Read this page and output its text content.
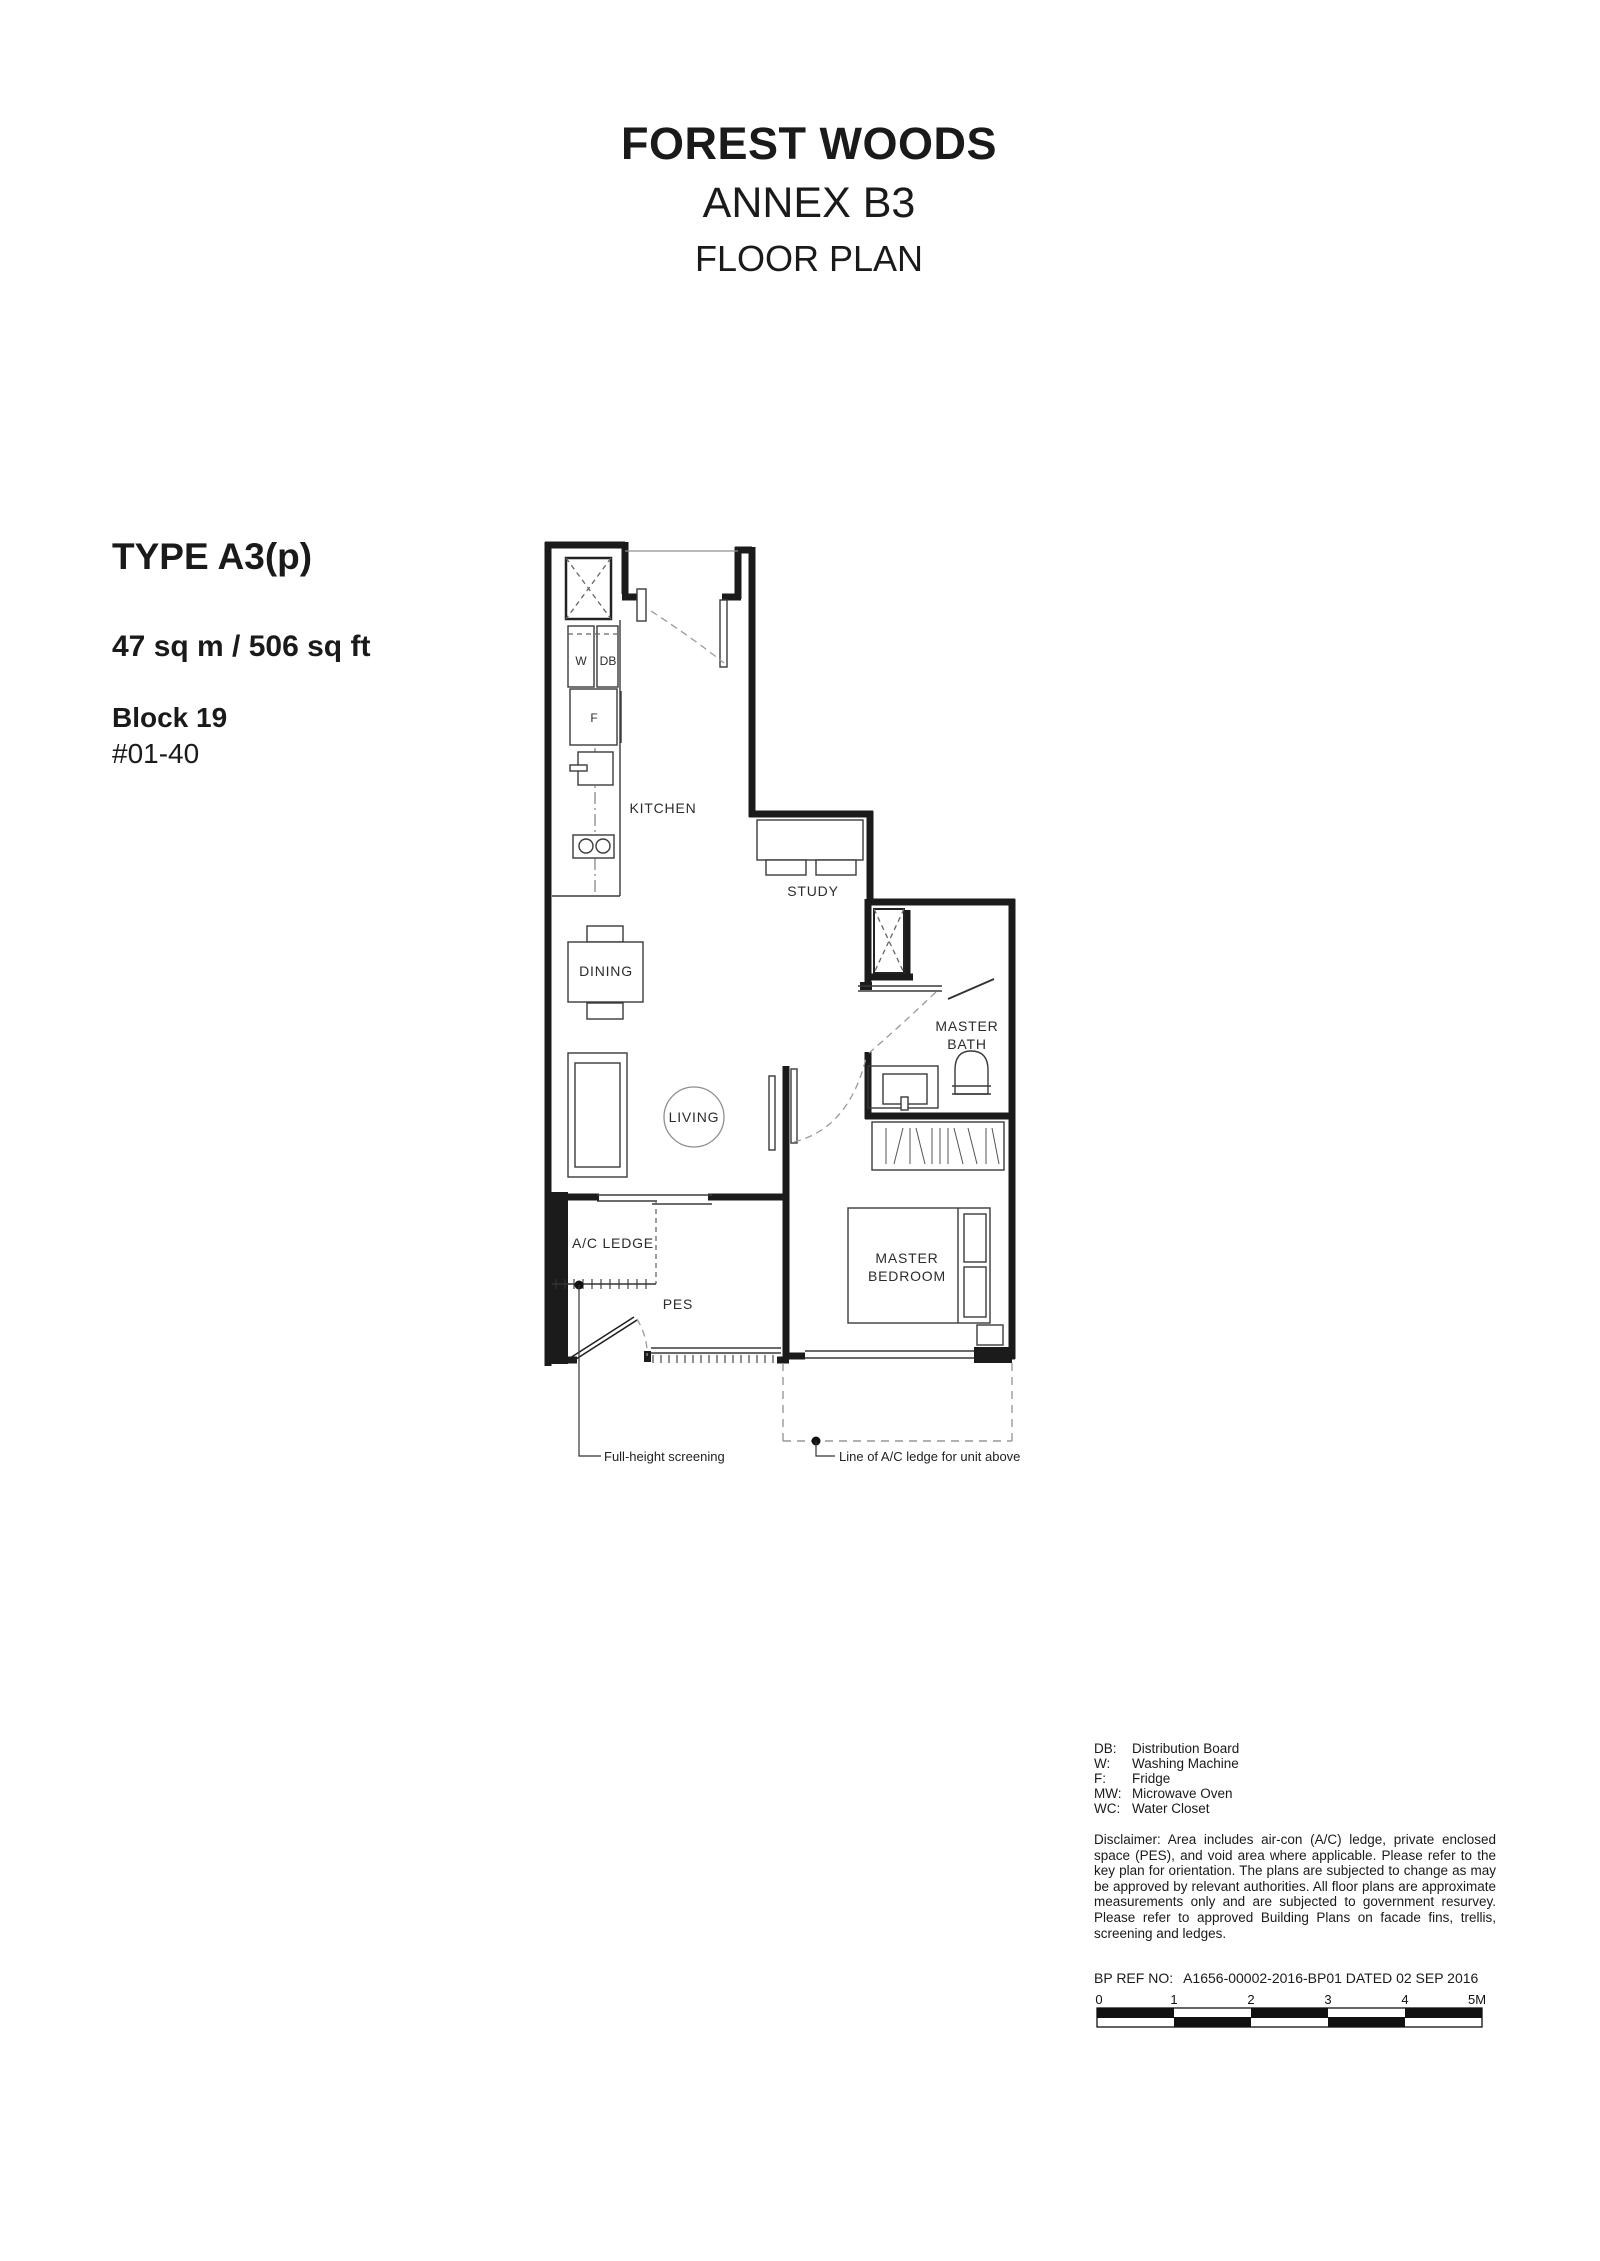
FOREST WOODS
ANNEX B3
FLOOR PLAN
TYPE A3(p)
47 sq m / 506 sq ft
Block 19
#01-40
Full-height screening	Line of A/C ledge for unit above
KITCHEN
STUDY
DINING
LIVING
MASTER
BATH
MASTER
BEDROOM
A/C LEDGE
PES
W DB
F
0	1	2	3	4	5M
DB:	Distribution Board
W:	Washing Machine
F:	Fridge
MW: Microwave Oven
WC: Water Closet

Disclaimer: Area includes air-con (A/C) ledge, private enclosed space (PES), and void area where applicable. Please refer to the key plan for orientation. The plans are subjected to change as may be approved by relevant authorities. All floor plans are approximate measurements only and are subjected to government resurvey. Please refer to approved Building Plans on facade fins, trellis, screening and ledges.

BP REF NO: A1656-00002-2016-BP01 DATED 02 SEP 2016
